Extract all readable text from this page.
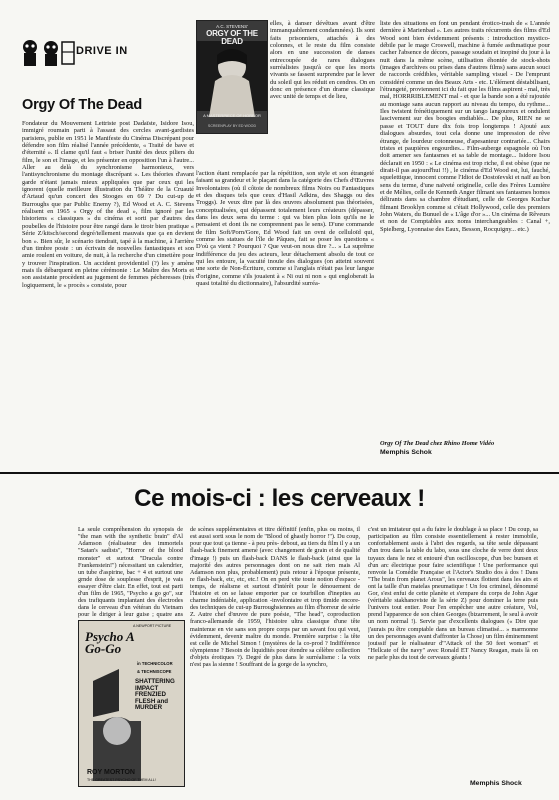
DRIVE IN
Orgy Of The Dead

Fondateur du Mouvement Lettriste post Dadaïste, Isidore Isou, immigré roumain parti à l'assaut des cercles avant-gardistes parisiens, publie en 1951 le Manifeste du Cinéma Discrépant pour défendre son film réalisé l'année précédente, « Traité de bave et d'éternité ». Il clame qu'il faut « briser l'unité des deux piliers du film, le son et l'image, et les présenter en opposition l'un à l'autre... Aller au delà du synchronisme harmonieux, vers l'antisynchronisme du montage discrépant ». Les théories d'avant garde n'étant jamais mieux appliquées que par ceux qui les ignorent (quelle meilleure illustration du Théâtre de la Cruauté d'Artaud qu'un concert des Stooges en 69 ? Du cut-up de Burroughs que par Public Enemy ?), Ed Wood et A. C. Stevens réalisent en 1965 « Orgy of the dead », film ignoré par les historiens « classiques » du cinéma et sorti par d'autres des poubelles de l'histoire pour être rangé dans le tiroir bien pratique « Série Z/kitsch/second degré/tellement mauvais que ça en devient bon ». Bien sûr, le scénario tiendrait, tapé à la machine, à l'arrière d'un timbre poste : un écrivain de nouvelles fantastiques et son amie roulent en voiture, de nuit, à la recherche d'un cimetière pour y trouver l'inspiration. Un accident providentiel (?) les y amène mais ils débarquent en pleine cérémonie : Le Maître des Morts et son assistante procèdent au jugement de femmes pécheresses (très logiquement, le « procès » consiste, pour

A.C. STEVENS'
ORGY OF THE DEAD
A MASTERPIECE OF HORROR
SCREENPLAY BY ED WOOD

elles, à danser dévêtues avant d'être immanquablement condamnées). Ils sont faits prisonniers, attachés à des colonnes, et le reste du film consiste alors en une succession de danses entrecoupée de rares dialogues surréalistes jusqu'à ce que les morts vivants se fassent surprendre par le lever du soleil qui les réduit en cendres. On en donc en présence d'un drame classique avec unité de temps et de lieu,

l'action étant remplacée par la répétition, son style et son étrangeté faisant sa grandeur et le plaçant dans la catégorie des Chefs d'Œuvres Involontaires (où il côtoie de nombreux films Noirs ou Fantastiques et des disques tels que ceux d'Hasil Adkins, des Shaggs ou des Troggs). Je veux dire par là des œuvres absolument pas théorisées, conceptualisées, qui dépassent totalement leurs créateurs (dépasser, dans les deux sens du terme : qui va bien plus loin qu'ils ne le pensaient et dont ils ne comprennent pas le sens). D'une commande de film Soft/Porn/Gore, Ed Wood fait un ovni de celluloïd qui, comme les statues de l'île de Pâques, fait se poser les questions « D'où ça vient ? Pourquoi ? Que veut-on nous dire ?... » La suprême indifférence du jeu des acteurs, leur détachement absolu de tout ce qui les entoure, la vacuité inouïe des dialogues (on atteint souvent une sorte de Non-Écriture, comme si l'anglais n'était pas leur langue d'origine, comme s'ils jouaient à « Ni oui ni non » qui engloberait la quasi totalité du dictionnaire), l'absurdité surréa-

liste des situations en font un pendant érotico-trash de « L'année dernière à Marienbad ». Les autres traits récurrents des films d'Ed Wood sont bien évidemment présents : introduction mystico-débile par le mage Croswell, machine à fumée asthmatique pour cacher l'absence de décors, passage soudain et inopiné du jour à la nuit dans la même scène, utilisation éhontée de stock-shots (images d'archives ou prises dans d'autres films) sans aucun souci de raccords crédibles, véritable sampling visuel - De l'emprunt considéré comme un des Beaux Arts - etc. L'élément déstabilisant, l'étrangeté, proviennent ici du fait que les films aspirent - mal, très mal, HORRRIBLEMENT mal - et que la bande son a été rajoutée au montage sans aucun rapport au niveau du tempo, du rythme... Iles twistent frénétiquement sur un tango langoureux et ondulent lascivement sur des boogies endiablés... De plus, RIEN ne se passe et TOUT dure dix fois trop longtemps ! Ajouté aux dialogues absurdes, tout cela donne une impression de rêve étrange, de lourdeur cotonneuse, d'apesanteur contrariée... Chairs tristes et paupières engourdies... Film-auberge espagnole où l'on doit amener ses fantasmes et sa table de montage... Isidore Isou déclarait en 1950 : « Le cinéma est trop riche, il est obèse (que ne dirait-il pas aujourd'hui !!) , le cinéma d'Ed Wood est, lui, fauché, squelettique, innocent comme l'Idiot de Dostoïevski et naïf au bon sens du terme, d'une naïveté originelle, celle des Frères Lumière et de Mélies, celle de Kenneth Anger filmant ses fantasmes homos délirants dans sa chambre d'étudiant, celle de Georges Kuchar filmant Brooklyn comme si c'était Hollywood, celle des premiers John Waters, du Bunuel de « L'âge d'or »... Un cinéma de Rêveurs et non de Comptables aux noms interchangeables : Canal +, Spielberg, Lyonnaise des Eaux, Besson, Rocquigny... etc.)

Orgy Of The Dead chez Rhino Home Vidéo
Memphis Schok
Ce mois-ci : les cerveaux !
A NEWPORT PICTURE
Psycho A Go-Go
in TECHNICOLOR
& TECHNISCOPE
SHATTERING IMPACT FRENZIED FLESH and MURDER
ROY MORTON
THE GREATEST PSYCHO OF THEM ALL!

La seule compréhension du synopsis de "the man with the synthetic brain" d'Al Adamson (réalisateur des immortels "Satan's sadists", "Horror of the blood monster" et surtout "Dracula contre Frankenstein!") nécessitant un calendrier, un tube d'aspirine, bac + 4 et surtout une grnde dose de souplesse d'esprit, je vais essayer d'être clair. En effet, tout est parti d'un film de 1965, "Psycho a go go", sur des trafiquants implantant des électrodes dans le cerveau d'un vétéran du Vietnam pour le diriger à leur guise ; quatre ans

de scènes supplémentaires et titre définitif (enfin, plus ou moins, il est aussi sorti sous le nom de "Blood of ghastly horror !"). Du coup, pour que tout ça tienne - à peu près- debout, au tiers du film il y a un flash-back finement amené (avec changement de grain et de qualité d'image !) puis un flash-back DANS le flash-back (ainsi que la majorité des autres personnages dont on ne sait rien mais Al Adamson non plus, probablement) puis retour à l'époque présente, re flash-back, etc, etc, etc.! On en perd vite toute notion d'espace - temps, de réalisme et surtout d'intérêt pour le dénouement de l'histoire et on se laisse emporter par ce tourbillon d'inepties au charme indéniable, application -involontaire et trop timide encore- des techniques de cut-up Burroughsiennes au film d'horreur de série Z. Autre chef d'œuvre de pure poésie, "The head", coproduction franco-allemande de 1959, l'histoire ultra classique d'une tête maintenue en vie sans son propre corps par un savant fou qui veut, évidemment, devenir maître du monde. Première surprise : la tête est celle de Michel Simon ! (mystères de la co-prod ? Indifférence olympienne ? Besoin de liquidités pour étendre sa célèbre collection d'objets érotiques ?). Degré de plus dans le surréalisme : la voix n'est pas la sienne ! Souffrant de la gorge de la synchro,

c'est un imitateur qui a du faire le doublage à sa place ! Du coup, sa participation au film consiste essentiellement à rester immobile, confortablement assis à l'abri des regards, sa tête seule dépassant d'un trou dans la table du labo, sous une cloche de verre dont deux tuyaux dans le nez et entouré d'un oscilloscope, d'un bec bunsen et d'un arc électrique pour faire scientifique ! Une performance qui renvoie la Comédie Française et l'Actor's Studio dos à dos ! Dans "The brain from planet Arous", les cerveaux flottent dans les airs et ont la taille d'un matelas pneumatique ! Un fou criminel, dénommé Gor, s'est enfui de cette planète et s'empare du corps de John Agar (véritable stakhanoviste de la série Z) pour dominer la terre puis l'univers tout entier. Pour l'en empêcher une autre créature, Vol, prend l'apparence de son chien Georges (bizarrement, le seul à avoir un nom normal !). Servie par d'excellents dialogues (« Dire que j'aurais pu être comptable dans un bureau climatisé... » marmonne un des personnages avant d'affronter la Chose) un film éminemment jouissif par le réalisateur d'"Attack of the 50 feet woman" et "Hellcate of the navy" avec Ronald ET Nancy Reagan, mais là on ne parle plus du tout de cerveaux géants !

Memphis Shock
